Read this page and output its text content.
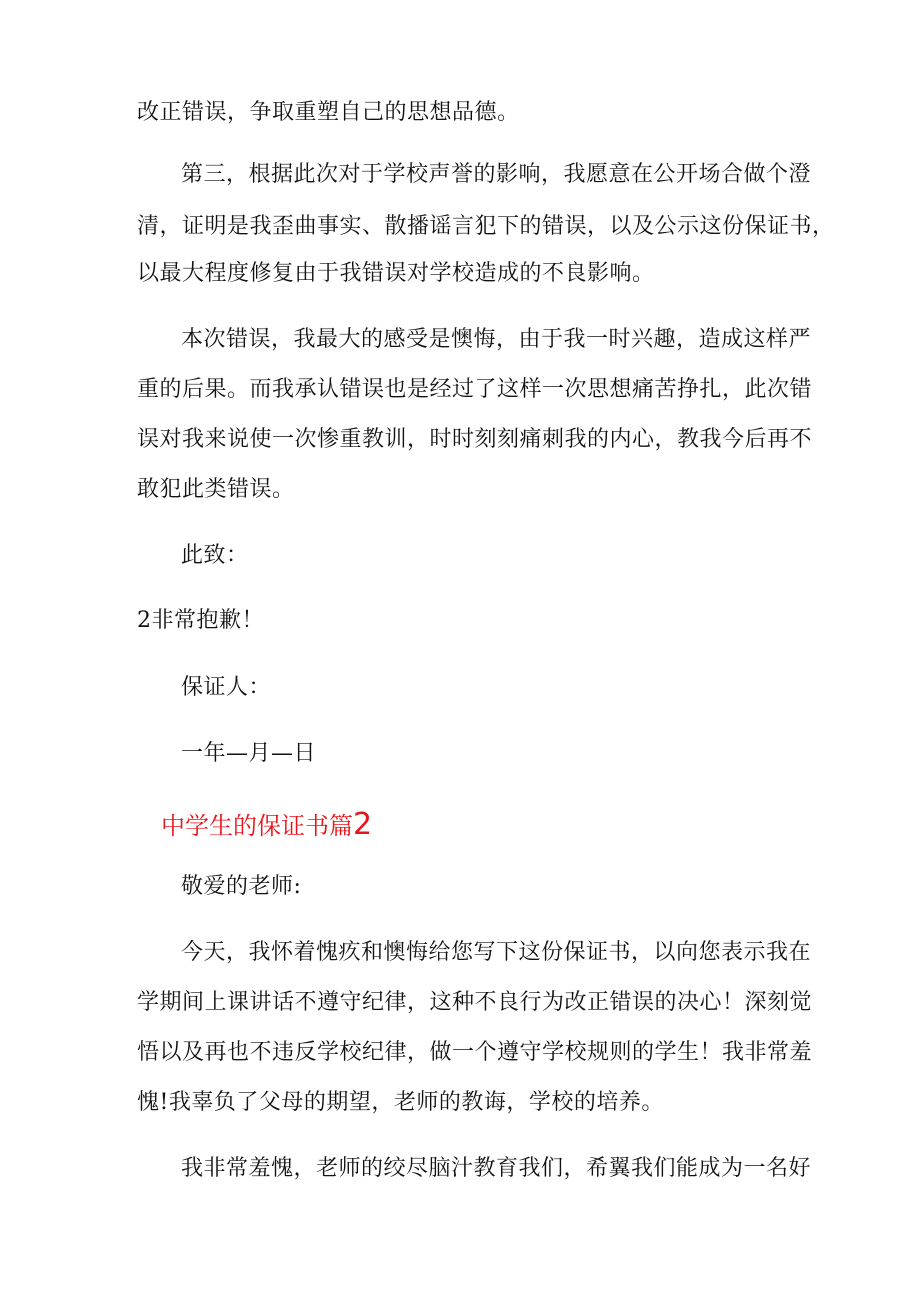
改正错误，争取重塑自己的思想品德。
第三，根据此次对于学校声誉的影响，我愿意在公开场合做个澄
清，证明是我歪曲事实、散播谣言犯下的错误，以及公示这份保证书，
以最大程度修复由于我错误对学校造成的不良影响。
本次错误，我最大的感受是懊悔，由于我一时兴趣，造成这样严
重的后果。而我承认错误也是经过了这样一次思想痛苦挣扎，此次错
误对我来说使一次惨重教训，时时刻刻痛刺我的内心，教我今后再不
敢犯此类错误。
此致：
2非常抱歉！
保证人：
一年—月—日
中学生的保证书篇2
敬爱的老师:
今天，我怀着愧疚和懊悔给您写下这份保证书，以向您表示我在
学期间上课讲话不遵守纪律，这种不良行为改正错误的决心！深刻觉
悟以及再也不违反学校纪律，做一个遵守学校规则的学生！我非常羞
愧!我辜负了父母的期望，老师的教诲，学校的培养。
我非常羞愧，老师的绞尽脑汁教育我们，希翼我们能成为一名好
